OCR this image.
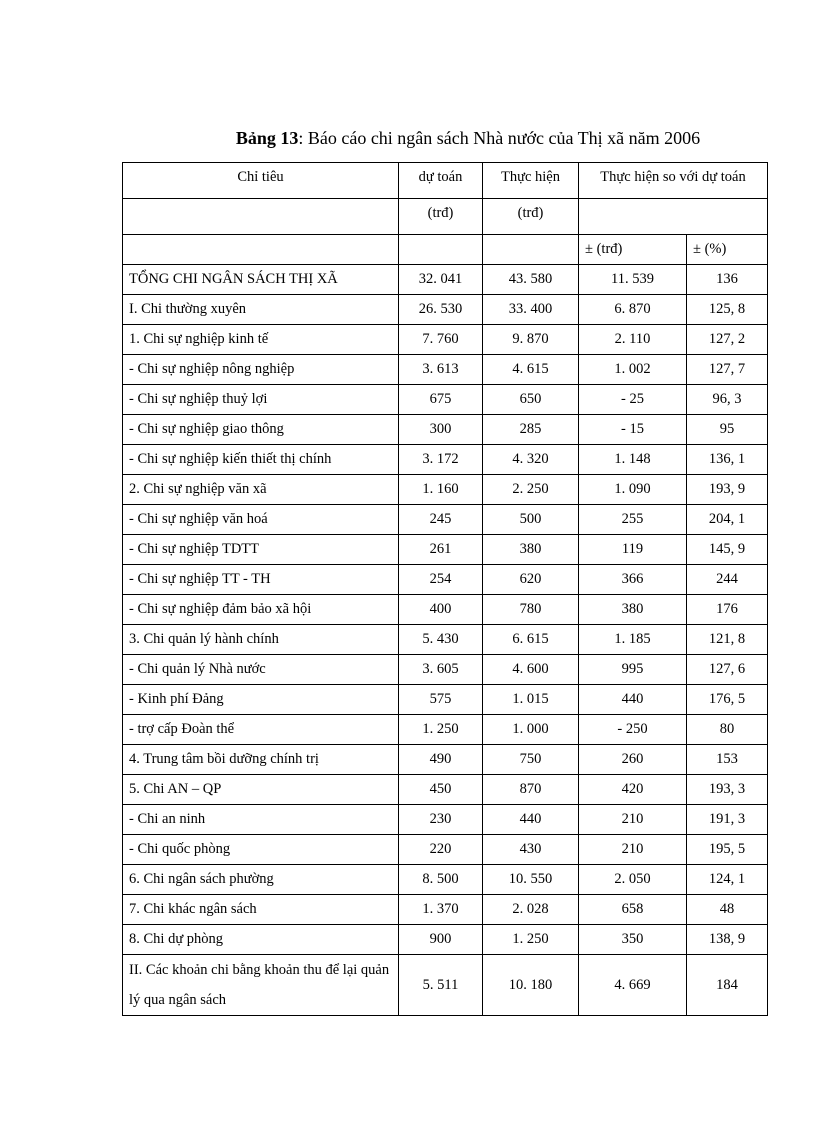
Bảng 13: Báo cáo chi ngân sách Nhà nước của Thị xã năm 2006
Chỉ tiêu	dự toán	Thực hiện	Thực hiện so với dự toán	
	(trđ)	(trđ)		
			± (trđ)	± (%)
TỔNG CHI NGÂN SÁCH THỊ XÃ	32. 041	43. 580	11. 539	136
I. Chi thường xuyên	26. 530	33. 400	6. 870	125, 8
1. Chi sự nghiệp kinh tế	7. 760	9. 870	2. 110	127, 2
- Chi sự nghiệp nông nghiệp	3. 613	4. 615	1. 002	127, 7
- Chi sự nghiệp thuỷ lợi	675	650	- 25	96, 3
- Chi sự nghiệp giao thông	300	285	- 15	95
- Chi sự nghiệp kiến thiết thị chính	3. 172	4. 320	1. 148	136, 1
2. Chi sự nghiệp văn xã	1. 160	2. 250	1. 090	193, 9
- Chi sự nghiệp văn hoá	245	500	255	204, 1
- Chi sự nghiệp TDTT	261	380	119	145, 9
- Chi sự nghiệp TT - TH	254	620	366	244
- Chi sự nghiệp đảm bảo xã hội	400	780	380	176
3. Chi quản lý hành chính	5. 430	6. 615	1. 185	121, 8
- Chi quản lý Nhà nước	3. 605	4. 600	995	127, 6
- Kinh phí Đảng	575	1. 015	440	176, 5
- trợ cấp Đoàn thể	1. 250	1. 000	- 250	80
4. Trung tâm bồi dưỡng chính trị	490	750	260	153
5. Chi AN – QP	450	870	420	193, 3
- Chi an ninh	230	440	210	191, 3
- Chi quốc phòng	220	430	210	195, 5
6. Chi ngân sách phường	8. 500	10. 550	2. 050	124, 1
7. Chi khác ngân sách	1. 370	2. 028	658	48
8. Chi dự phòng	900	1. 250	350	138, 9
II. Các khoản chi bằng khoản thu để lại quản lý qua ngân sách	5. 511	10. 180	4. 669	184
